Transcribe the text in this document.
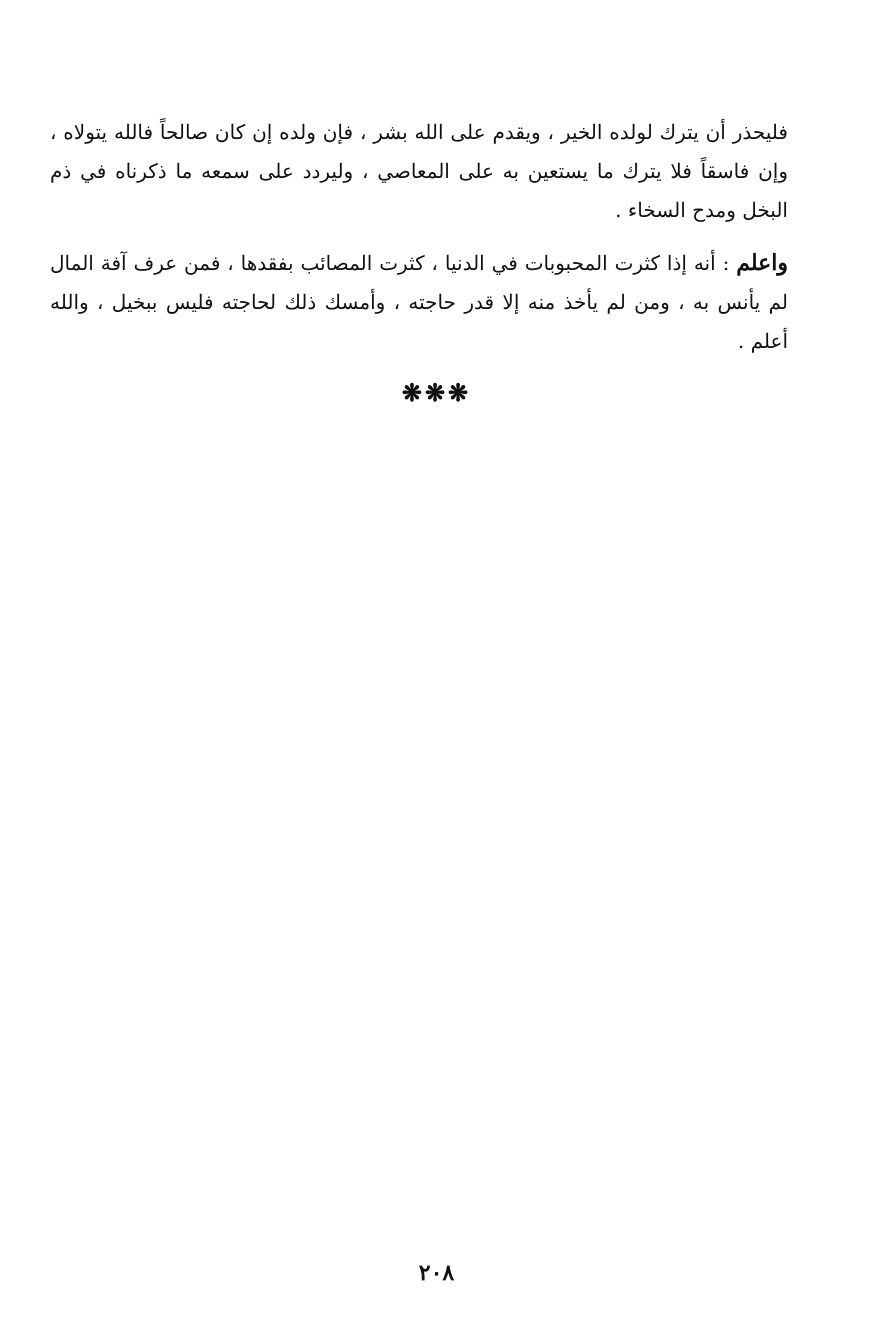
فليحذر أن يترك لولده الخير ، ويقدم على الله بشر ، فإن ولده إن كان صالحاً فالله يتولاه ، وإن فاسقاً فلا يترك ما يستعين به على المعاصي ، وليردد على سمعه ما ذكرناه في ذم البخل ومدح السخاء .

واعلم : أنه إذا كثرت المحبوبات في الدنيا ، كثرت المصائب بفقدها ، فمن عرف آفة المال لم يأنس به ، ومن لم يأخذ منه إلا قدر حاجته ، وأمسك ذلك لحاجته فليس ببخيل ، والله أعلم .

❋❋❋
٢٠٨
